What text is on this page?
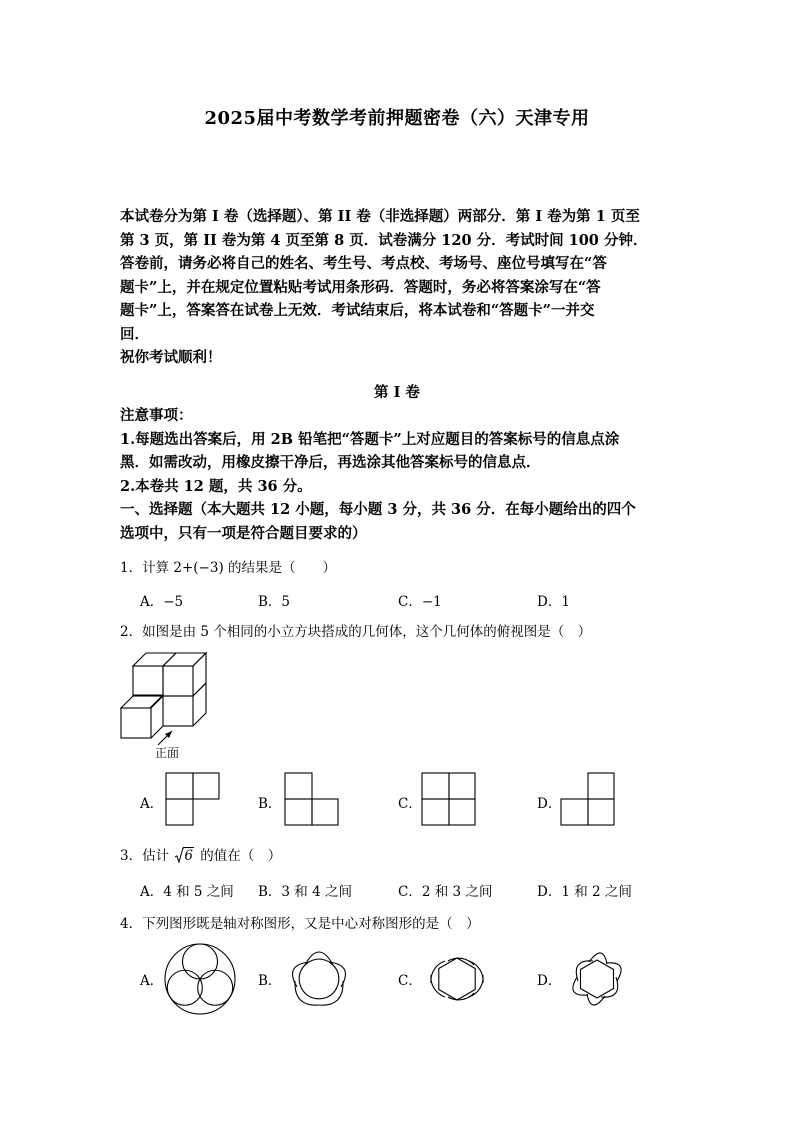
2025届中考数学考前押题密卷（六）天津专用
本试卷分为第 I 卷（选择题）、第 II 卷（非选择题）两部分．第 I 卷为第 1 页至
第 3 页，第 II 卷为第 4 页至第 8 页．试卷满分 120 分．考试时间 100 分钟．
答卷前，请务必将自己的姓名、考生号、考点校、考场号、座位号填写在“答
题卡”上，并在规定位置粘贴考试用条形码．答题时，务必将答案涂写在“答
题卡”上，答案答在试卷上无效．考试结束后，将本试卷和“答题卡”一并交
回．
祝你考试顺利！
第 I 卷
注意事项：
1.每题选出答案后，用 2B 铅笔把“答题卡”上对应题目的答案标号的信息点涂
黑．如需改动，用橡皮擦干净后，再选涂其他答案标号的信息点．
2.本卷共 12 题，共 36 分。
一、选择题（本大题共 12 小题，每小题 3 分，共 36 分．在每小题给出的四个
选项中，只有一项是符合题目要求的）
1．计算 2+(−3) 的结果是（　　）
A．−5	B．5	C．−1	D．1
2．如图是由 5 个相同的小立方块搭成的几何体，这个几何体的俯视图是（　）
正面
A．	B．	C．	D．
3．估计 6 的值在（　）
A．4 和 5 之间 B．3 和 4 之间	C．2 和 3 之间	D．1 和 2 之间
4．下列图形既是轴对称图形，又是中心对称图形的是（　）
A．	B．	C．	D．
